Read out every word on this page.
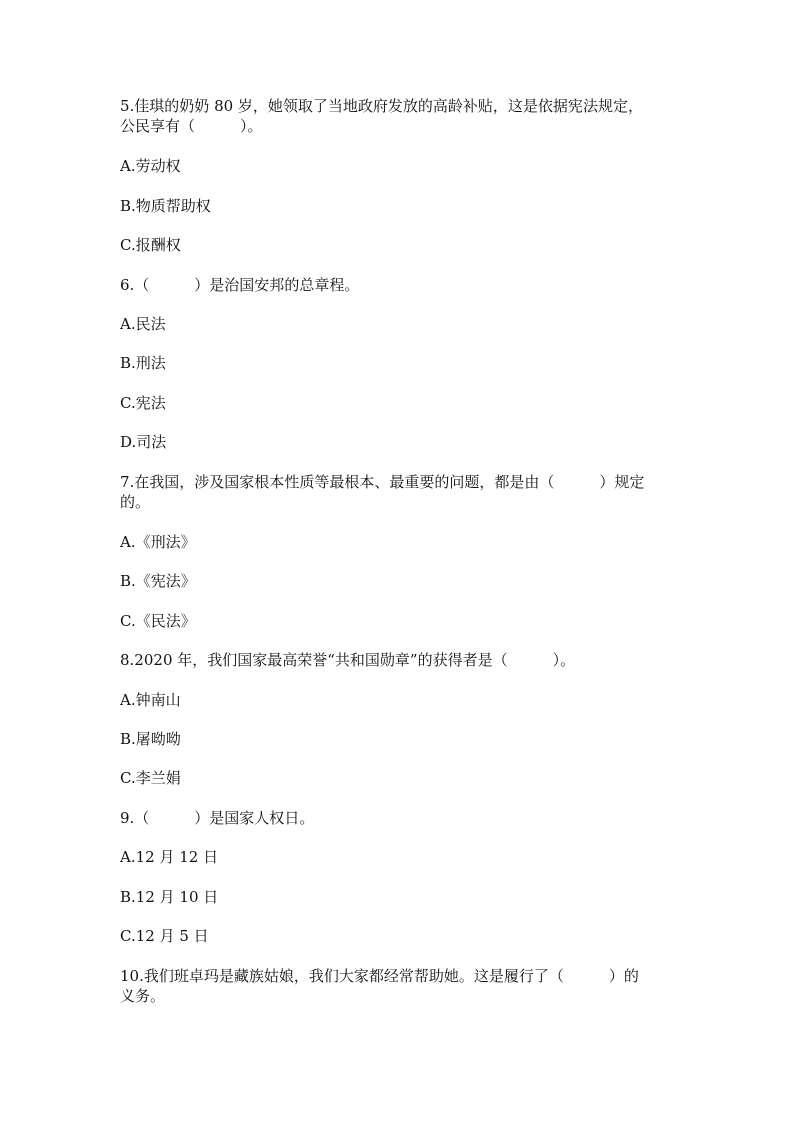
5.佳琪的奶奶 80 岁，她领取了当地政府发放的高龄补贴，这是依据宪法规定，
公民享有（　　　）。
A.劳动权
B.物质帮助权
C.报酬权
6.（　　　）是治国安邦的总章程。
A.民法
B.刑法
C.宪法
D.司法
7.在我国，涉及国家根本性质等最根本、最重要的问题，都是由（　　　）规定
的。
A.《刑法》
B.《宪法》
C.《民法》
8.2020 年，我们国家最高荣誉“共和国勋章”的获得者是（　　　）。
A.钟南山
B.屠呦呦
C.李兰娟
9.（　　　）是国家人权日。
A.12 月 12 日
B.12 月 10 日
C.12 月 5 日
10.我们班卓玛是藏族姑娘，我们大家都经常帮助她。这是履行了（　　　）的
义务。
